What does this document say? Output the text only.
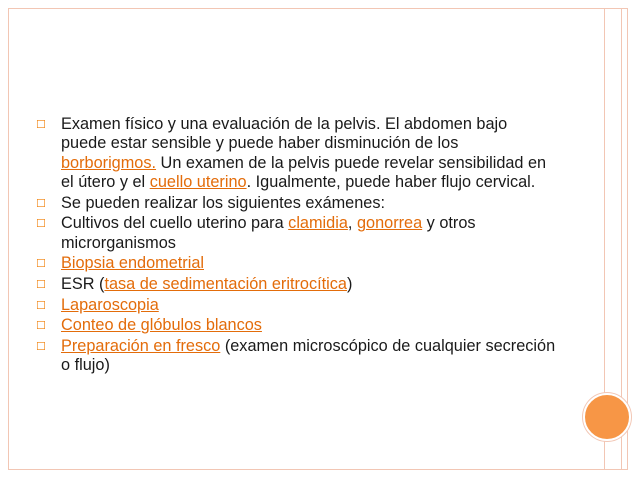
☐ Examen físico y una evaluación de la pelvis. El abdomen bajo puede estar sensible y puede haber disminución de los borborigmos. Un examen de la pelvis puede revelar sensibilidad en el útero y el cuello uterino. Igualmente, puede haber flujo cervical.
☐ Se pueden realizar los siguientes exámenes:
☐ Cultivos del cuello uterino para clamidia, gonorrea y otros microrganismos
☐ Biopsia endometrial
☐ ESR (tasa de sedimentación eritrocítica)
☐ Laparoscopia
☐ Conteo de glóbulos blancos
☐ Preparación en fresco (examen microscópico de cualquier secreción o flujo)
